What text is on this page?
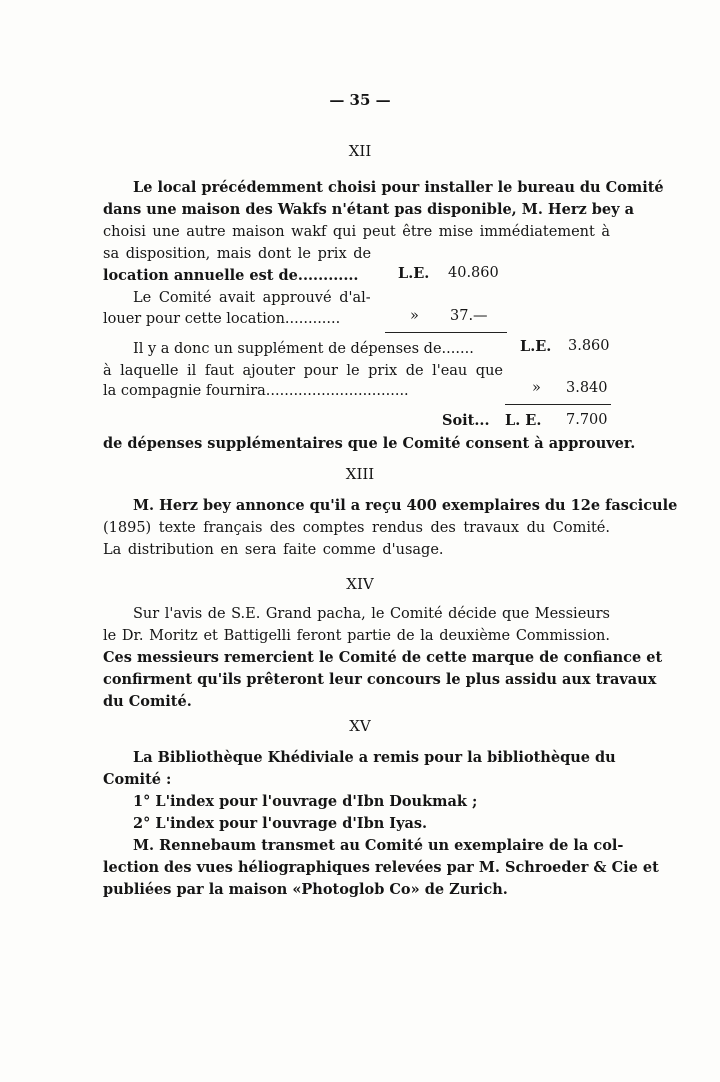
— 35 —
XII
Le local précédemment choisi pour installer le bureau du Comité
dans une maison des Wakfs n'étant pas disponible, M. Herz bey a
choisi une autre maison wakf qui peut être mise immédiatement à
sa disposition, mais dont le prix de
location annuelle est de............	L.E. 40.860
Le Comité avait approuvé d'al-
louer pour cette location............	» 37.—
Il y a donc un supplément de dépenses de.......	L.E. 3.860
à laquelle il faut ajouter pour le prix de l'eau que
la compagnie fournira...............................	» 3.840
Soit... L. E. 7.700
de dépenses supplémentaires que le Comité consent à approuver.
XIII
M. Herz bey annonce qu'il a reçu 400 exemplaires du 12e fascicule
(1895) texte français des comptes rendus des travaux du Comité.
La distribution en sera faite comme d'usage.
XIV
Sur l'avis de S.E. Grand pacha, le Comité décide que Messieurs
le Dr. Moritz et Battigelli feront partie de la deuxième Commission.
Ces messieurs remercient le Comité de cette marque de confiance et
confirment qu'ils prêteront leur concours le plus assidu aux travaux
du Comité.
XV
La Bibliothèque Khédiviale a remis pour la bibliothèque du
Comité :
1° L'index pour l'ouvrage d'Ibn Doukmak ;
2° L'index pour l'ouvrage d'Ibn Iyas.
M. Rennebaum transmet au Comité un exemplaire de la col-
lection des vues héliographiques relevées par M. Schroeder & Cie et
publiées par la maison «Photoglob Co» de Zurich.
